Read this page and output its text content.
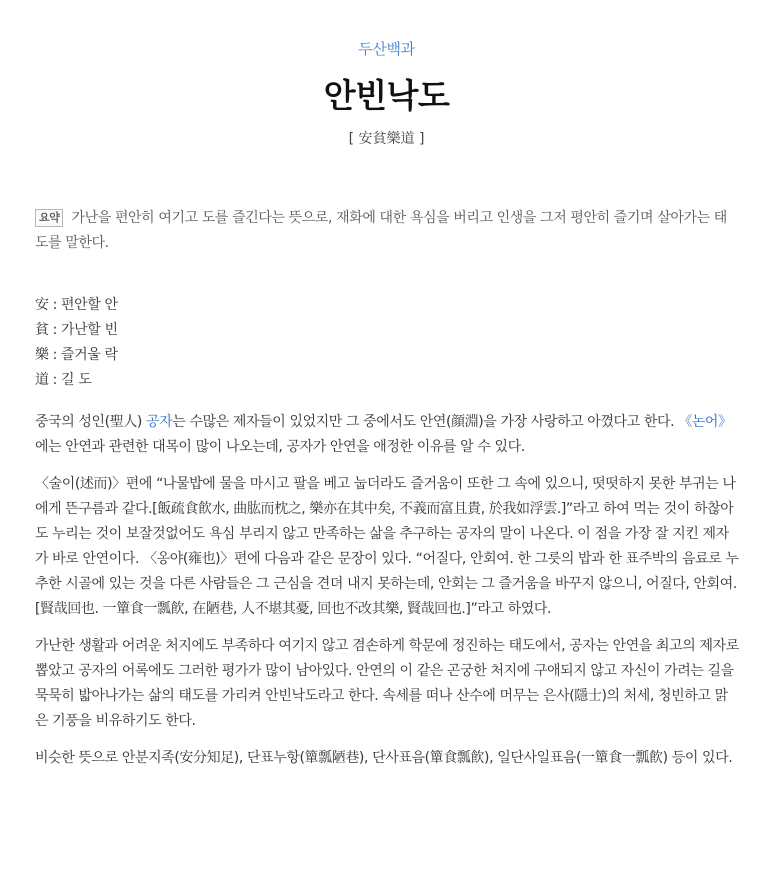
두산백과
안빈낙도
[ 安貧樂道 ]

요약 가난을 편안히 여기고 도를 즐긴다는 뜻으로, 재화에 대한 욕심을 버리고 인생을 그저 평안히 즐기며 살아가는 태도를 말한다.

安 : 편안할 안

貧 : 가난할 빈

樂 : 즐거울 락

道 : 길 도

중국의 성인(聖人) 공자는 수많은 제자들이 있었지만 그 중에서도 안연(顔淵)을 가장 사랑하고 아꼈다고 한다. 《논어》에는 안연과 관련한 대목이 많이 나오는데, 공자가 안연을 애정한 이유를 알 수 있다.

〈술이(述而)〉편에 “나물밥에 물을 마시고 팔을 베고 눕더라도 즐거움이 또한 그 속에 있으니, 떳떳하지 못한 부귀는 나에게 뜬구름과 같다.[飯疏食飮水, 曲肱而枕之, 樂亦在其中矣, 不義而富且貴, 於我如浮雲.]”라고 하여 먹는 것이 하찮아도 누리는 것이 보잘것없어도 욕심 부리지 않고 만족하는 삶을 추구하는 공자의 말이 나온다. 이 점을 가장 잘 지킨 제자가 바로 안연이다. 〈옹야(雍也)〉편에 다음과 같은 문장이 있다. “어질다, 안회여. 한 그릇의 밥과 한 표주박의 음료로 누추한 시골에 있는 것을 다른 사람들은 그 근심을 견뎌 내지 못하는데, 안회는 그 즐거움을 바꾸지 않으니, 어질다, 안회여.[賢哉回也. 一簞食一瓢飮, 在陋巷, 人不堪其憂, 回也不改其樂, 賢哉回也.]”라고 하였다.

가난한 생활과 어려운 처지에도 부족하다 여기지 않고 겸손하게 학문에 정진하는 태도에서, 공자는 안연을 최고의 제자로 뽑았고 공자의 어록에도 그러한 평가가 많이 남아있다. 안연의 이 같은 곤궁한 처지에 구애되지 않고 자신이 가려는 길을 묵묵히 밟아나가는 삶의 태도를 가리켜 안빈낙도라고 한다. 속세를 떠나 산수에 머무는 은사(隱士)의 처세, 청빈하고 맑은 기풍을 비유하기도 한다.

비슷한 뜻으로 안분지족(安分知足), 단표누항(簞瓢陋巷), 단사표음(簞食瓢飮), 일단사일표음(一簞食一瓢飮) 등이 있다.
